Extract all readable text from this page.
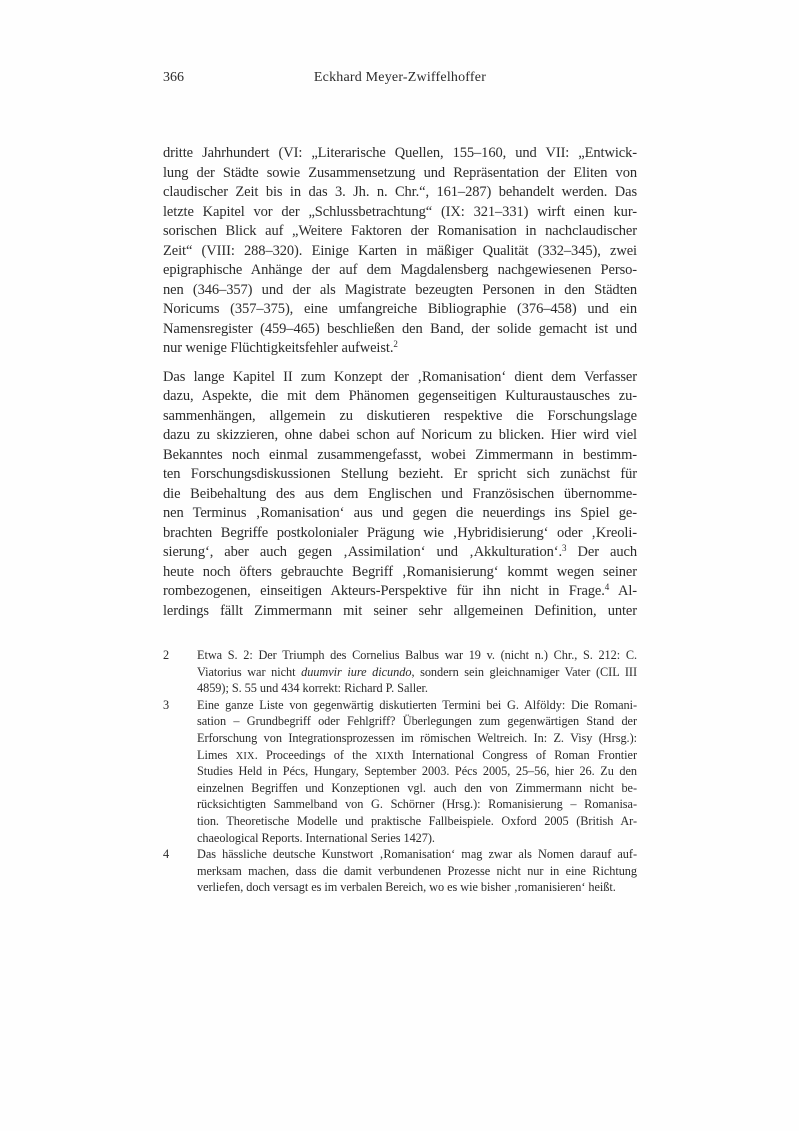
366	Eckhard Meyer-Zwiffelhoffer
dritte Jahrhundert (VI: „Literarische Quellen, 155–160, und VII: „Entwick-
lung der Städte sowie Zusammensetzung und Repräsentation der Eliten von
claudischer Zeit bis in das 3. Jh. n. Chr.“, 161–287) behandelt werden. Das
letzte Kapitel vor der „Schlussbetrachtung“ (IX: 321–331) wirft einen kur-
sorischen Blick auf „Weitere Faktoren der Romanisation in nachclaudischer
Zeit“ (VIII: 288–320). Einige Karten in mäßiger Qualität (332–345), zwei
epigraphische Anhänge der auf dem Magdalensberg nachgewiesenen Perso-
nen (346–357) und der als Magistrate bezeugten Personen in den Städten
Noricums (357–375), eine umfangreiche Bibliographie (376–458) und ein
Namensregister (459–465) beschließen den Band, der solide gemacht ist und
nur wenige Flüchtigkeitsfehler aufweist.$^2$
Das lange Kapitel II zum Konzept der ‚Romanisation‘ dient dem Verfasser
dazu, Aspekte, die mit dem Phänomen gegenseitigen Kulturaustausches zu-
sammenhängen, allgemein zu diskutieren respektive die Forschungslage
dazu zu skizzieren, ohne dabei schon auf Noricum zu blicken. Hier wird viel
Bekanntes noch einmal zusammengefasst, wobei Zimmermann in bestimm-
ten Forschungsdiskussionen Stellung bezieht. Er spricht sich zunächst für
die Beibehaltung des aus dem Englischen und Französischen übernomme-
nen Terminus ‚Romanisation‘ aus und gegen die neuerdings ins Spiel ge-
brachten Begriffe postkolonialer Prägung wie ‚Hybridisierung‘ oder ‚Kreoli-
sierung‘, aber auch gegen ‚Assimilation‘ und ‚Akkulturation‘.$^3$ Der auch
heute noch öfters gebrauchte Begriff ‚Romanisierung‘ kommt wegen seiner
rombezogenen, einseitigen Akteurs-Perspektive für ihn nicht in Frage.$^4$ Al-
lerdings fällt Zimmermann mit seiner sehr allgemeinen Definition, unter
2	Etwa S. 2: Der Triumph des Cornelius Balbus war 19 v. (nicht n.) Chr., S. 212: C.
Viatorius war nicht duumvir iure dicundo, sondern sein gleichnamiger Vater (CIL III
4859); S. 55 und 434 korrekt: Richard P. Saller.
3	Eine ganze Liste von gegenwärtig diskutierten Termini bei G. Alföldy: Die Romani-
sation – Grundbegriff oder Fehlgriff? Überlegungen zum gegenwärtigen Stand der
Erforschung von Integrationsprozessen im römischen Weltreich. In: Z. Visy (Hrsg.):
Limes XIX. Proceedings of the XIXth International Congress of Roman Frontier
Studies Held in Pécs, Hungary, September 2003. Pécs 2005, 25–56, hier 26. Zu den
einzelnen Begriffen und Konzeptionen vgl. auch den von Zimmermann nicht be-
rücksichtigten Sammelband von G. Schörner (Hrsg.): Romanisierung – Romanisa-
tion. Theoretische Modelle und praktische Fallbeispiele. Oxford 2005 (British Ar-
chaeological Reports. International Series 1427).
4	Das hässliche deutsche Kunstwort ‚Romanisation‘ mag zwar als Nomen darauf auf-
merksam machen, dass die damit verbundenen Prozesse nicht nur in eine Richtung
verliefen, doch versagt es im verbalen Bereich, wo es wie bisher ‚romanisieren‘ heißt.
